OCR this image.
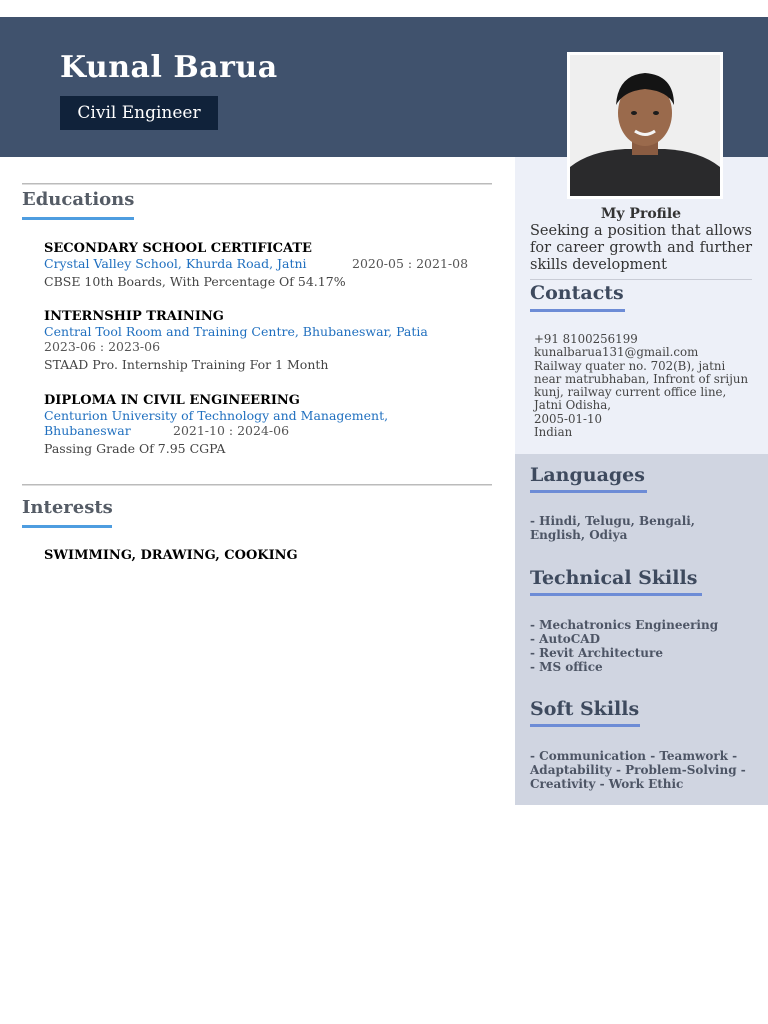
Kunal Barua
Civil Engineer
Educations
SECONDARY SCHOOL CERTIFICATE
Crystal Valley School, Khurda Road, Jatni	2020-05 : 2021-08
CBSE 10th Boards, With Percentage Of 54.17%
INTERNSHIP TRAINING
Central Tool Room and Training Centre, Bhubaneswar, Patia
2023-06 : 2023-06
STAAD Pro. Internship Training For 1 Month
DIPLOMA IN CIVIL ENGINEERING
Centurion University of Technology and Management,
Bhubaneswar	2021-10 : 2024-06
Passing Grade Of 7.95 CGPA
Interests
SWIMMING, DRAWING, COOKING
My Profile
Seeking a position that allows for career growth and further skills development
Contacts
+91 8100256199
kunalbarua131@gmail.com
Railway quater no. 702(B), jatni
near matrubhaban, Infront of srijun
kunj, railway current office line,
Jatni Odisha,
2005-01-10
Indian
Languages
- Hindi, Telugu, Bengali,
English, Odiya
Technical Skills
- Mechatronics Engineering
- AutoCAD
- Revit Architecture
- MS office
Soft Skills
- Communication - Teamwork -
Adaptability - Problem-Solving -
Creativity - Work Ethic
